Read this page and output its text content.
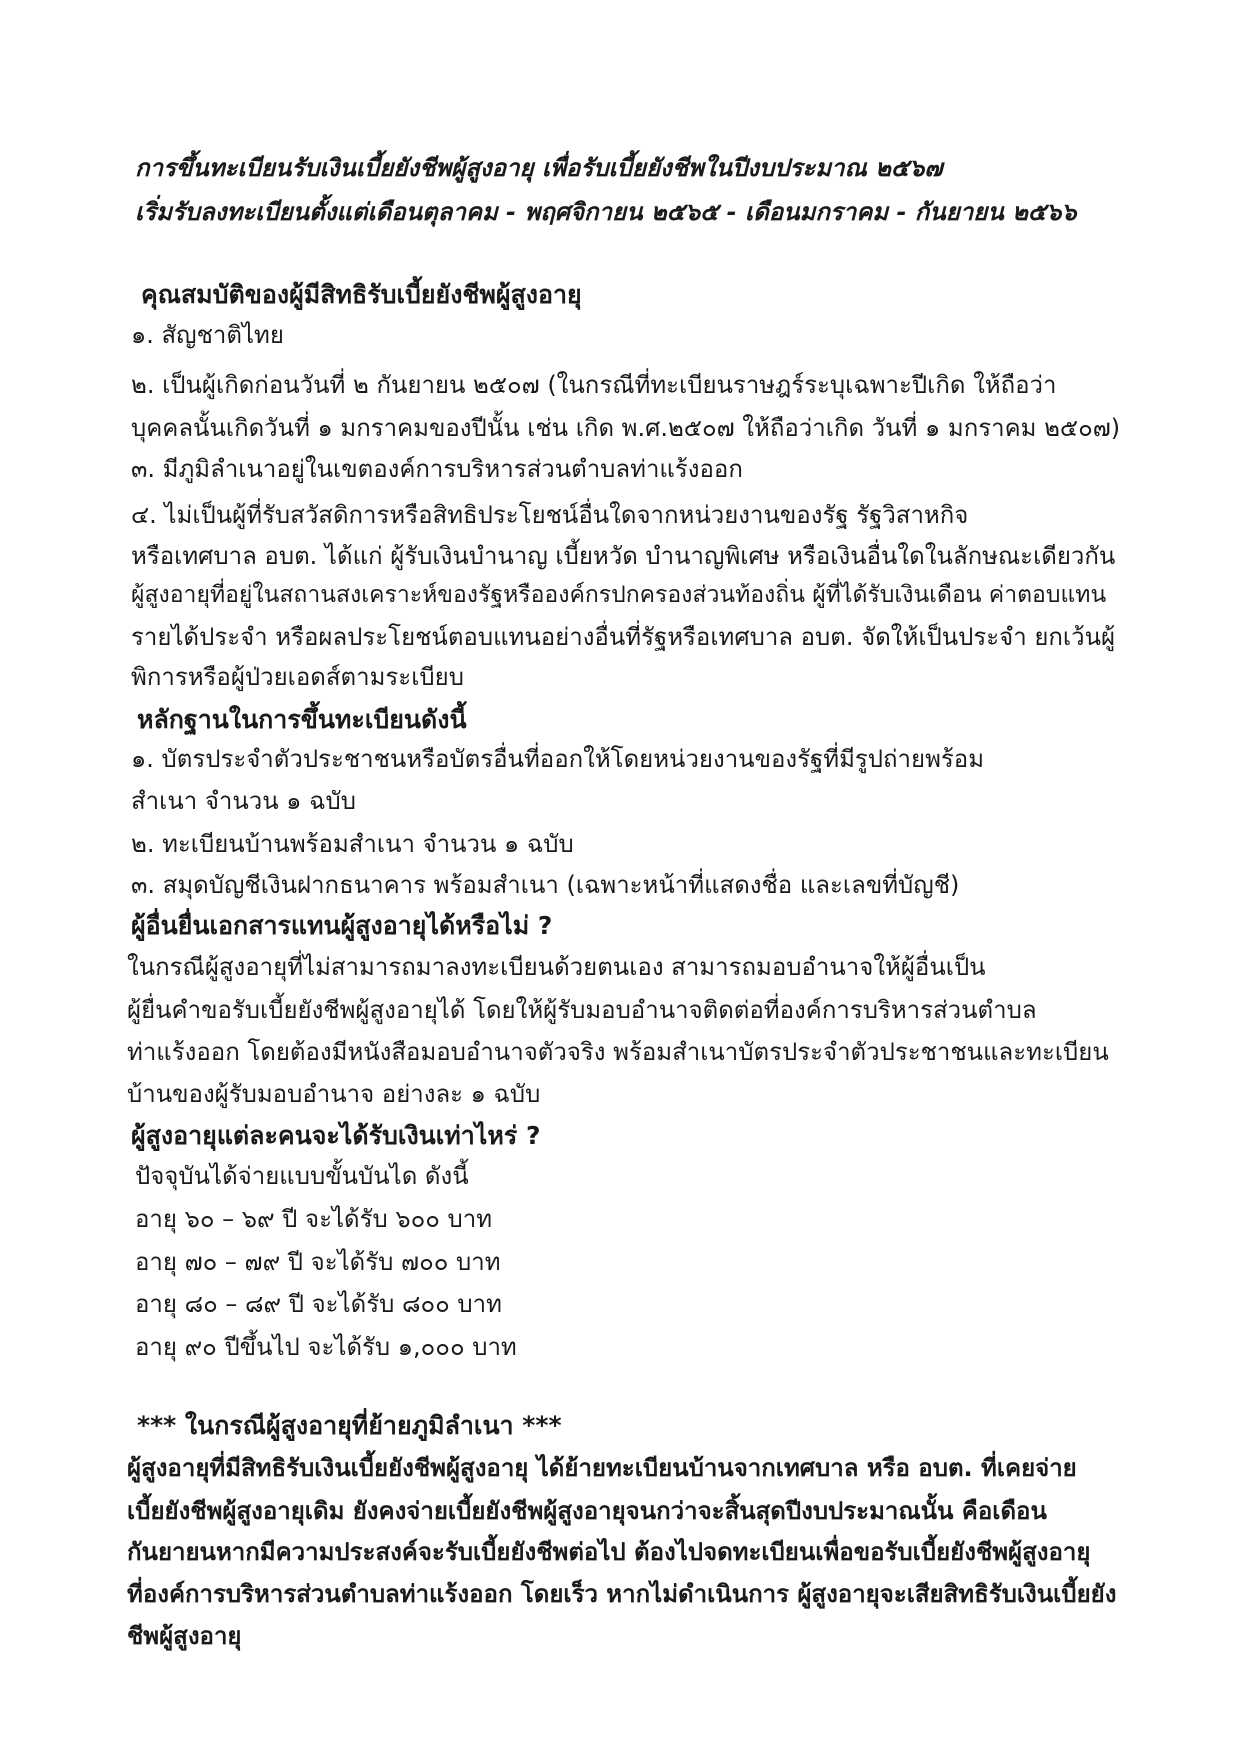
การขึ้นทะเบียนรับเงินเบี้ยยังชีพผู้สูงอายุ เพื่อรับเบี้ยยังชีพในปีงบประมาณ ๒๕๖๗
เริ่มรับลงทะเบียนตั้งแต่เดือนตุลาคม - พฤศจิกายน ๒๕๖๕ - เดือนมกราคม - กันยายน ๒๕๖๖
คุณสมบัติของผู้มีสิทธิรับเบี้ยยังชีพผู้สูงอายุ
๑. สัญชาติไทย
๒. เป็นผู้เกิดก่อนวันที่ ๒ กันยายน ๒๕๐๗ (ในกรณีที่ทะเบียนราษฎร์ระบุเฉพาะปีเกิด ให้ถือว่า
บุคคลนั้นเกิดวันที่ ๑ มกราคมของปีนั้น เช่น เกิด พ.ศ.๒๕๐๗ ให้ถือว่าเกิด วันที่ ๑ มกราคม ๒๕๐๗)
๓. มีภูมิลำเนาอยู่ในเขตองค์การบริหารส่วนตำบลท่าแร้งออก
๔. ไม่เป็นผู้ที่รับสวัสดิการหรือสิทธิประโยชน์อื่นใดจากหน่วยงานของรัฐ รัฐวิสาหกิจ
หรือเทศบาล อบต. ได้แก่ ผู้รับเงินบำนาญ เบี้ยหวัด บำนาญพิเศษ หรือเงินอื่นใดในลักษณะเดียวกัน
ผู้สูงอายุที่อยู่ในสถานสงเคราะห์ของรัฐหรือองค์กรปกครองส่วนท้องถิ่น ผู้ที่ได้รับเงินเดือน ค่าตอบแทน
รายได้ประจำ หรือผลประโยชน์ตอบแทนอย่างอื่นที่รัฐหรือเทศบาล อบต. จัดให้เป็นประจำ ยกเว้นผู้
พิการหรือผู้ป่วยเอดส์ตามระเบียบ
หลักฐานในการขึ้นทะเบียนดังนี้
๑. บัตรประจำตัวประชาชนหรือบัตรอื่นที่ออกให้โดยหน่วยงานของรัฐที่มีรูปถ่ายพร้อม
สำเนา จำนวน ๑ ฉบับ
๒. ทะเบียนบ้านพร้อมสำเนา จำนวน ๑ ฉบับ
๓. สมุดบัญชีเงินฝากธนาคาร พร้อมสำเนา (เฉพาะหน้าที่แสดงชื่อ และเลขที่บัญชี)
ผู้อื่นยื่นเอกสารแทนผู้สูงอายุได้หรือไม่ ?
ในกรณีผู้สูงอายุที่ไม่สามารถมาลงทะเบียนด้วยตนเอง สามารถมอบอำนาจให้ผู้อื่นเป็น
ผู้ยื่นคำขอรับเบี้ยยังชีพผู้สูงอายุได้ โดยให้ผู้รับมอบอำนาจติดต่อที่องค์การบริหารส่วนตำบล
ท่าแร้งออก โดยต้องมีหนังสือมอบอำนาจตัวจริง พร้อมสำเนาบัตรประจำตัวประชาชนและทะเบียน
บ้านของผู้รับมอบอำนาจ อย่างละ ๑ ฉบับ
ผู้สูงอายุแต่ละคนจะได้รับเงินเท่าไหร่ ?
ปัจจุบันได้จ่ายแบบขั้นบันได ดังนี้
อายุ ๖๐ – ๖๙ ปี จะได้รับ ๖๐๐ บาท
อายุ ๗๐ – ๗๙ ปี จะได้รับ ๗๐๐ บาท
อายุ ๘๐ – ๘๙ ปี จะได้รับ ๘๐๐ บาท
อายุ ๙๐ ปีขึ้นไป จะได้รับ ๑,๐๐๐ บาท
*** ในกรณีผู้สูงอายุที่ย้ายภูมิลำเนา ***
ผู้สูงอายุที่มีสิทธิรับเงินเบี้ยยังชีพผู้สูงอายุ ได้ย้ายทะเบียนบ้านจากเทศบาล หรือ อบต. ที่เคยจ่าย
เบี้ยยังชีพผู้สูงอายุเดิม ยังคงจ่ายเบี้ยยังชีพผู้สูงอายุจนกว่าจะสิ้นสุดปีงบประมาณนั้น คือเดือน
กันยายนหากมีความประสงค์จะรับเบี้ยยังชีพต่อไป ต้องไปจดทะเบียนเพื่อขอรับเบี้ยยังชีพผู้สูงอายุ
ที่องค์การบริหารส่วนตำบลท่าแร้งออก โดยเร็ว หากไม่ดำเนินการ ผู้สูงอายุจะเสียสิทธิรับเงินเบี้ยยัง
ชีพผู้สูงอายุ
